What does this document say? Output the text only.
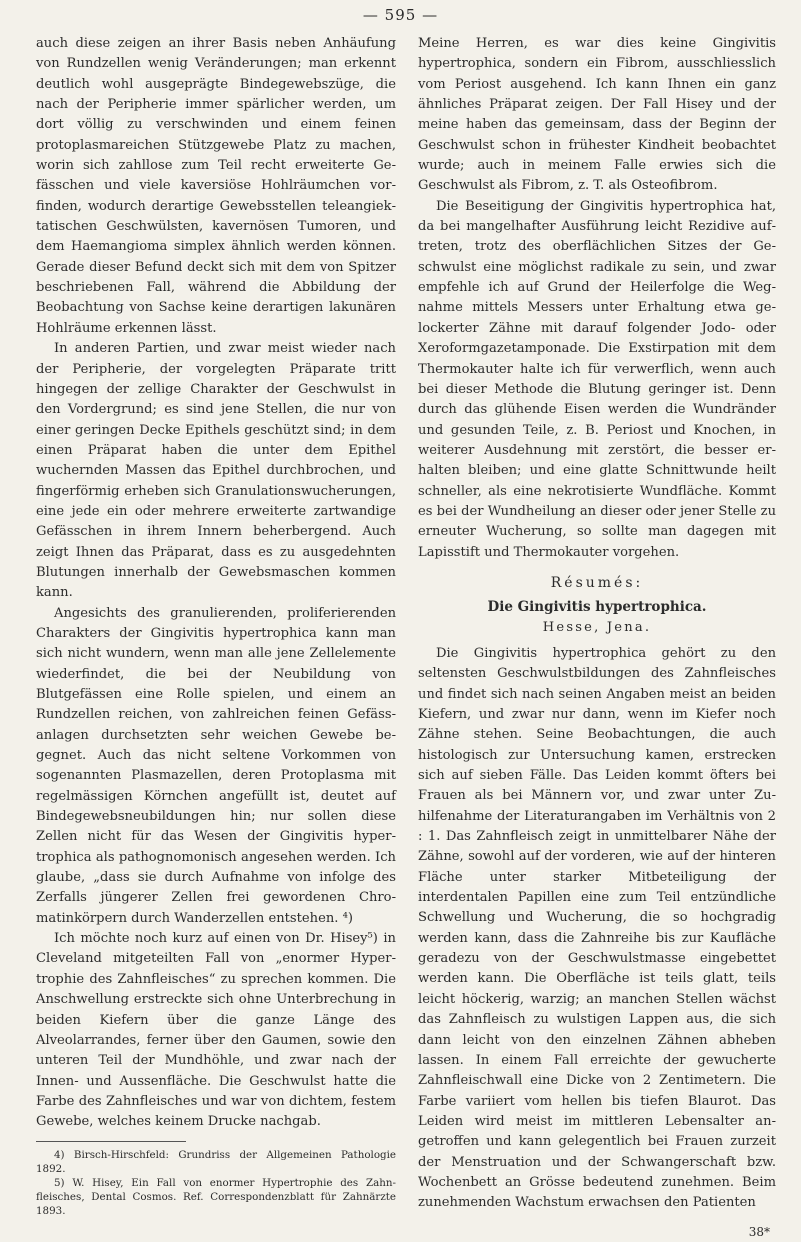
— 595 —

auch diese zeigen an ihrer Basis neben Anhäufung von Rundzellen wenig Veränderungen; man erkennt deutlich wohl ausgeprägte Bindegewebszüge, die nach der Peripherie immer spärlicher werden, um dort völlig zu verschwinden und einem feinen protoplasmareichen Stützgewebe Platz zu machen, worin sich zahllose zum Teil recht erweiterte Gefässchen und viele kaversiöse Hohlräumchen vorfinden, wodurch derartige Gewebsstellen teleangiektatischen Geschwülsten, kavernösen Tumoren, und dem Haemangioma simplex ähnlich werden können. Gerade dieser Befund deckt sich mit dem von Spitzer beschriebenen Fall, während die Abbildung der Beobachtung von Sachse keine derartigen lakunären Hohlräume erkennen lässt.

In anderen Partien, und zwar meist wieder nach der Peripherie, der vorgelegten Präparate tritt hingegen der zellige Charakter der Geschwulst in den Vordergrund; es sind jene Stellen, die nur von einer geringen Decke Epithels geschützt sind; in dem einen Präparat haben die unter dem Epithel wuchernden Massen das Epithel durchbrochen, und fingerförmig erheben sich Granulationswucherungen, eine jede ein oder mehrere erweiterte zartwandige Gefässchen in ihrem Innern beherbergend. Auch zeigt Ihnen das Präparat, dass es zu ausgedehnten Blutungen innerhalb der Gewebsmaschen kommen kann.

Angesichts des granulierenden, proliferierenden Charakters der Gingivitis hypertrophica kann man sich nicht wundern, wenn man alle jene Zellelemente wiederfindet, die bei der Neubildung von Blutgefässen eine Rolle spielen, und einem an Rundzellen reichen, von zahlreichen feinen Gefässanlagen durchsetzten sehr weichen Gewebe begegnet. Auch das nicht seltene Vorkommen von sogenannten Plasmazellen, deren Protoplasma mit regelmässigen Körnchen angefüllt ist, deutet auf Bindegewebsneubildungen hin; nur sollen diese Zellen nicht für das Wesen der Gingivitis hypertrophica als pathognomonisch angesehen werden. Ich glaube, „dass sie durch Aufnahme von infolge des Zerfalls jüngerer Zellen frei gewordenen Chromatinkörpern durch Wanderzellen entstehen. ⁴)

Ich möchte noch kurz auf einen von Dr. Hisey⁵) in Cleveland mitgeteilten Fall von „enormer Hypertrophie des Zahnfleisches“ zu sprechen kommen. Die Anschwellung erstreckte sich ohne Unterbrechung in beiden Kiefern über die ganze Länge des Alveolarrandes, ferner über den Gaumen, sowie den unteren Teil der Mundhöhle, und zwar nach der Innen- und Aussenfläche. Die Geschwulst hatte die Farbe des Zahnfleisches und war von dichtem, festem Gewebe, welches keinem Drucke nachgab.

4) Birsch-Hirschfeld: Grundriss der Allgemeinen Pathologie 1892.

5) W. Hisey, Ein Fall von enormer Hypertrophie des Zahnfleisches, Dental Cosmos. Ref. Correspondenzblatt für Zahnärzte 1893.

Meine Herren, es war dies keine Gingivitis hypertrophica, sondern ein Fibrom, ausschliesslich vom Periost ausgehend. Ich kann Ihnen ein ganz ähnliches Präparat zeigen. Der Fall Hisey und der meine haben das gemeinsam, dass der Beginn der Geschwulst schon in frühester Kindheit beobachtet wurde; auch in meinem Falle erwies sich die Geschwulst als Fibrom, z. T. als Osteofibrom.

Die Beseitigung der Gingivitis hypertrophica hat, da bei mangelhafter Ausführung leicht Rezidive auftreten, trotz des oberflächlichen Sitzes der Geschwulst eine möglichst radikale zu sein, und zwar empfehle ich auf Grund der Heilerfolge die Wegnahme mittels Messers unter Erhaltung etwa gelockerter Zähne mit darauf folgender Jodo- oder Xeroformgazetamponade. Die Exstirpation mit dem Thermokauter halte ich für verwerflich, wenn auch bei dieser Methode die Blutung geringer ist. Denn durch das glühende Eisen werden die Wundränder und gesunden Teile, z. B. Periost und Knochen, in weiterer Ausdehnung mit zerstört, die besser erhalten bleiben; und eine glatte Schnittwunde heilt schneller, als eine nekrotisierte Wundfläche. Kommt es bei der Wundheilung an dieser oder jener Stelle zu erneuter Wucherung, so sollte man dagegen mit Lapisstift und Thermokauter vorgehen.

Résumés:
Die Gingivitis hypertrophica.
Hesse, Jena.

Die Gingivitis hypertrophica gehört zu den seltensten Geschwulstbildungen des Zahnfleisches und findet sich nach seinen Angaben meist an beiden Kiefern, und zwar nur dann, wenn im Kiefer noch Zähne stehen. Seine Beobachtungen, die auch histologisch zur Untersuchung kamen, erstrecken sich auf sieben Fälle. Das Leiden kommt öfters bei Frauen als bei Männern vor, und zwar unter Zuhilfenahme der Literaturangaben im Verhältnis von 2 : 1. Das Zahnfleisch zeigt in unmittelbarer Nähe der Zähne, sowohl auf der vorderen, wie auf der hinteren Fläche unter starker Mitbeteiligung der interdentalen Papillen eine zum Teil entzündliche Schwellung und Wucherung, die so hochgradig werden kann, dass die Zahnreihe bis zur Kaufläche geradezu von der Geschwulstmasse eingebettet werden kann. Die Oberfläche ist teils glatt, teils leicht höckerig, warzig; an manchen Stellen wächst das Zahnfleisch zu wulstigen Lappen aus, die sich dann leicht von den einzelnen Zähnen abheben lassen. In einem Fall erreichte der gewucherte Zahnfleischwall eine Dicke von 2 Zentimetern. Die Farbe variiert vom hellen bis tiefen Blaurot. Das Leiden wird meist im mittleren Lebensalter angetroffen und kann gelegentlich bei Frauen zurzeit der Menstruation und der Schwangerschaft bzw. Wochenbett an Grösse bedeutend zunehmen. Beim zunehmenden Wachstum erwachsen den Patienten

38*
